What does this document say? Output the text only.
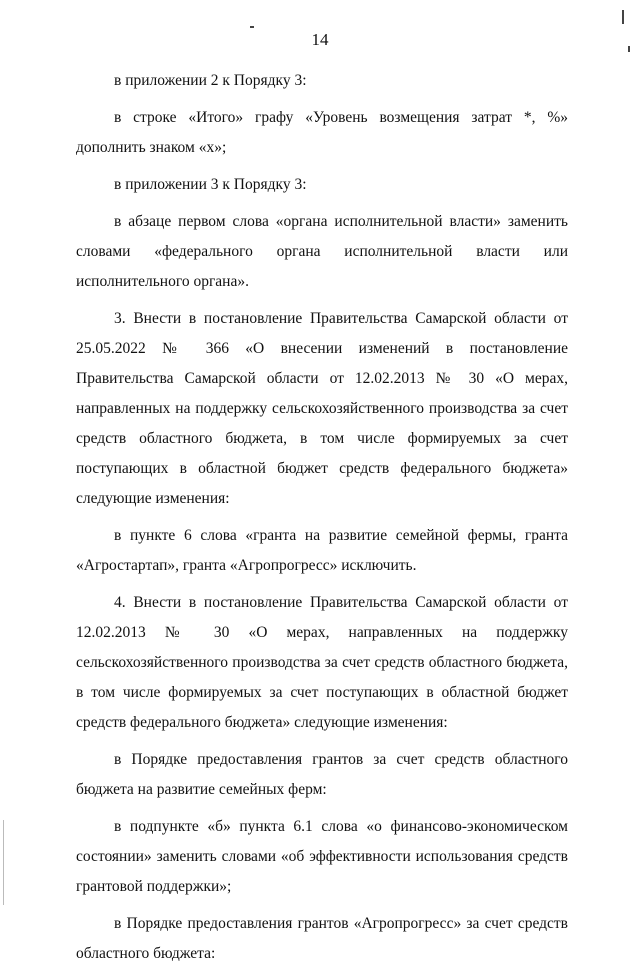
14

в приложении 2 к Порядку 3:

в строке «Итого» графу «Уровень возмещения затрат *, %» дополнить знаком «х»;

в приложении 3 к Порядку 3:

в абзаце первом слова «органа исполнительной власти» заменить словами «федерального органа исполнительной власти или исполнительного органа».

3. Внести в постановление Правительства Самарской области от 25.05.2022 № 366 «О внесении изменений в постановление Правительства Самарской области от 12.02.2013 № 30 «О мерах, направленных на поддержку сельскохозяйственного производства за счет средств областного бюджета, в том числе формируемых за счет поступающих в областной бюджет средств федерального бюджета» следующие изменения:

в пункте 6 слова «гранта на развитие семейной фермы, гранта «Агростартап», гранта «Агропрогресс» исключить.

4. Внести в постановление Правительства Самарской области от 12.02.2013 № 30 «О мерах, направленных на поддержку сельскохозяйственного производства за счет средств областного бюджета, в том числе формируемых за счет поступающих в областной бюджет средств федерального бюджета» следующие изменения:

в Порядке предоставления грантов за счет средств областного бюджета на развитие семейных ферм:

в подпункте «б» пункта 6.1 слова «о финансово-экономическом состоянии» заменить словами «об эффективности использования средств грантовой поддержки»;

в Порядке предоставления грантов «Агропрогресс» за счет средств областного бюджета:
